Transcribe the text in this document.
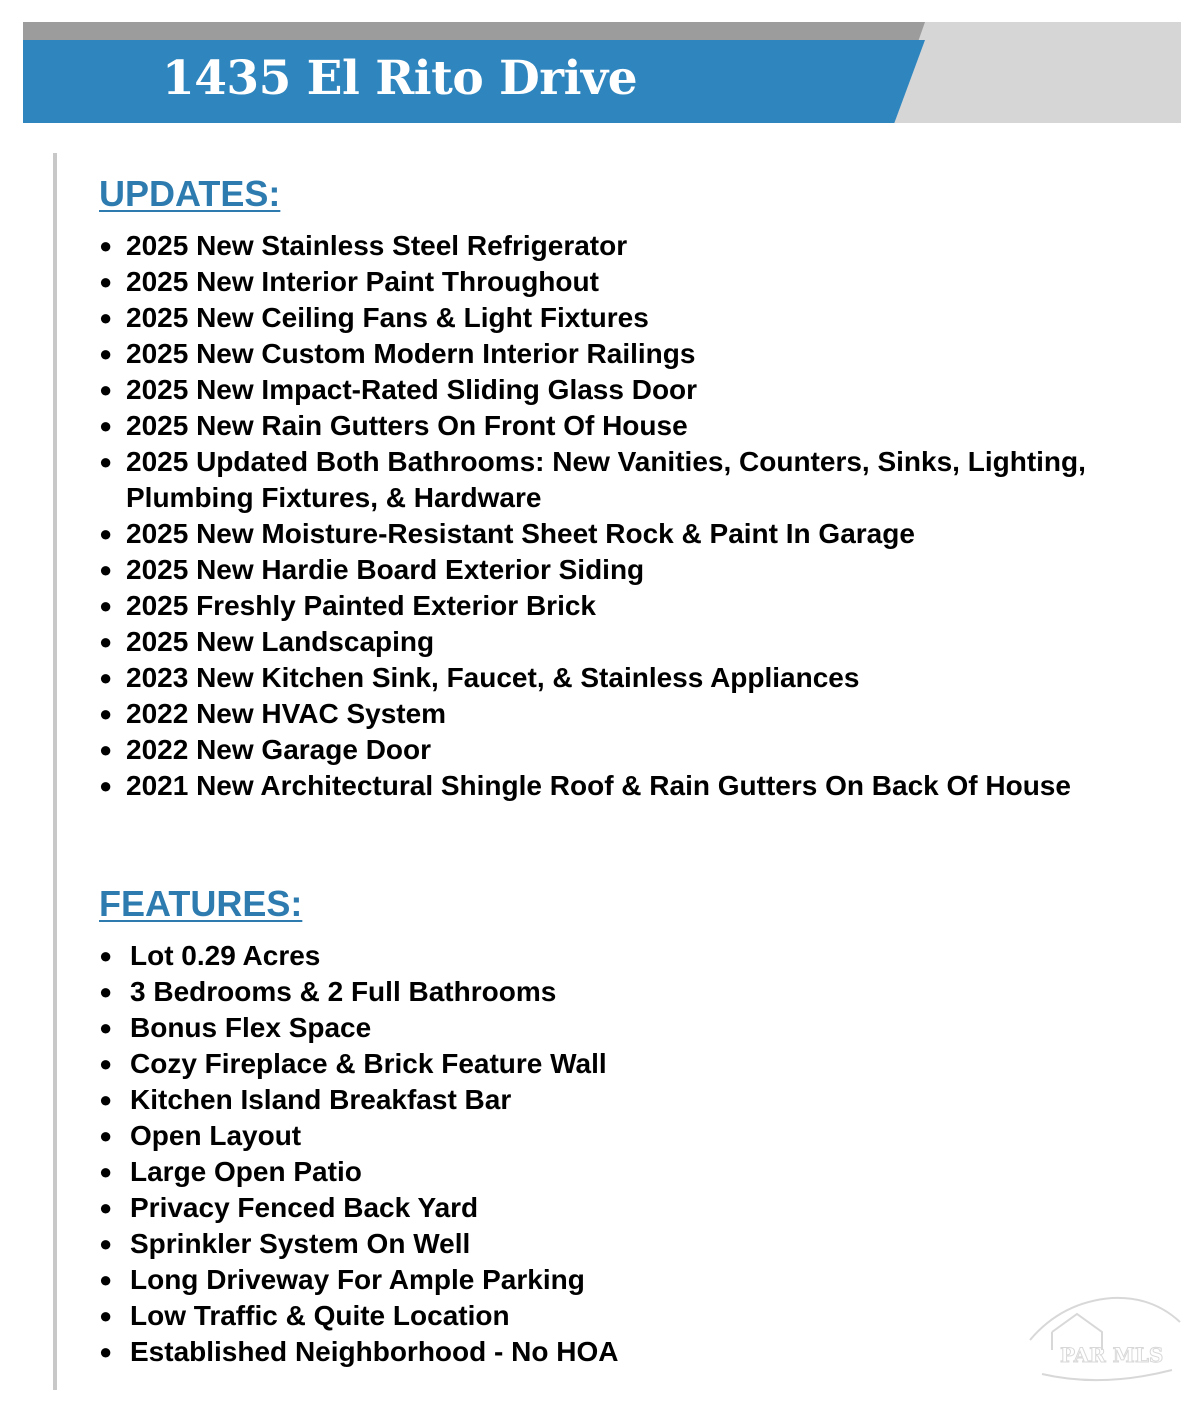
1435 El Rito Drive
UPDATES:
● 2025 New Stainless Steel Refrigerator
● 2025 New Interior Paint Throughout
● 2025 New Ceiling Fans & Light Fixtures
● 2025 New Custom Modern Interior Railings
● 2025 New Impact-Rated Sliding Glass Door
● 2025 New Rain Gutters On Front Of House
● 2025 Updated Both Bathrooms: New Vanities, Counters, Sinks, Lighting, Plumbing Fixtures, & Hardware
● 2025 New Moisture-Resistant Sheet Rock & Paint In Garage
● 2025 New Hardie Board Exterior Siding
● 2025 Freshly Painted Exterior Brick
● 2025 New Landscaping
● 2023 New Kitchen Sink, Faucet, & Stainless Appliances
● 2022 New HVAC System
● 2022 New Garage Door
● 2021 New Architectural Shingle Roof & Rain Gutters On Back Of House
FEATURES:
● Lot 0.29 Acres
● 3 Bedrooms & 2 Full Bathrooms
● Bonus Flex Space
● Cozy Fireplace & Brick Feature Wall
● Kitchen Island Breakfast Bar
● Open Layout
● Large Open Patio
● Privacy Fenced Back Yard
● Sprinkler System On Well
● Long Driveway For Ample Parking
● Low Traffic & Quite Location
● Established Neighborhood - No HOA	PAR MLS
